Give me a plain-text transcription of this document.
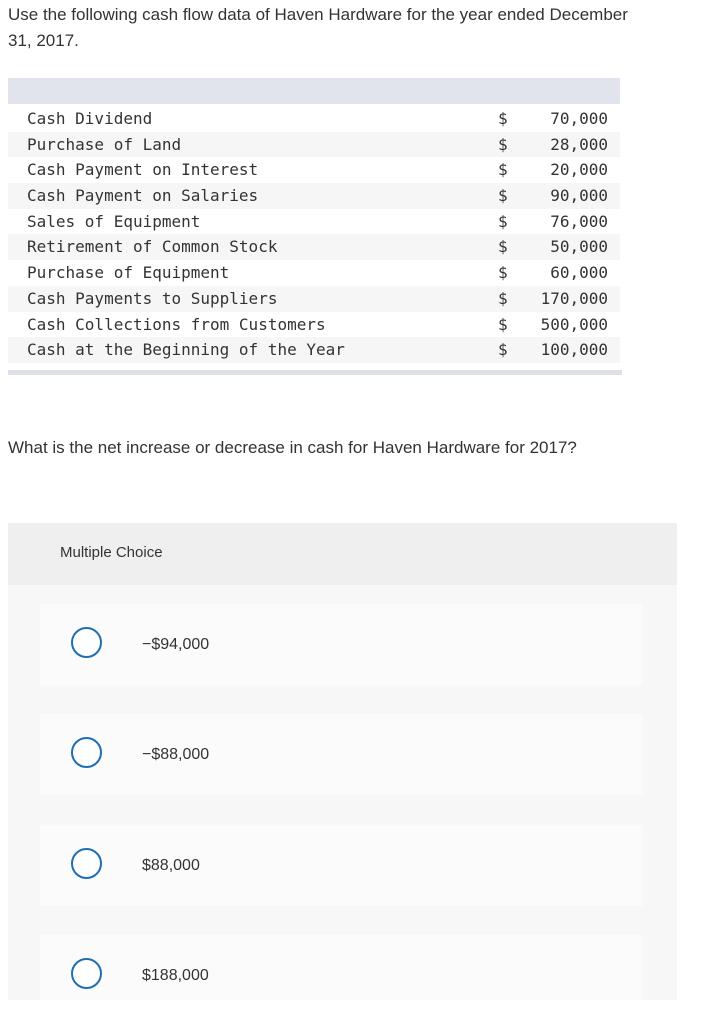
Use the following cash flow data of Haven Hardware for the year ended December 31, 2017.
Cash Dividend	$	70,000
Purchase of Land	$	28,000
Cash Payment on Interest	$	20,000
Cash Payment on Salaries	$	90,000
Sales of Equipment	$	76,000
Retirement of Common Stock	$	50,000
Purchase of Equipment	$	60,000
Cash Payments to Suppliers	$ 170,000
Cash Collections from Customers	$ 500,000
Cash at the Beginning of the Year	$ 100,000
What is the net increase or decrease in cash for Haven Hardware for 2017?
Multiple Choice
−$94,000
−$88,000
$88,000
$188,000
